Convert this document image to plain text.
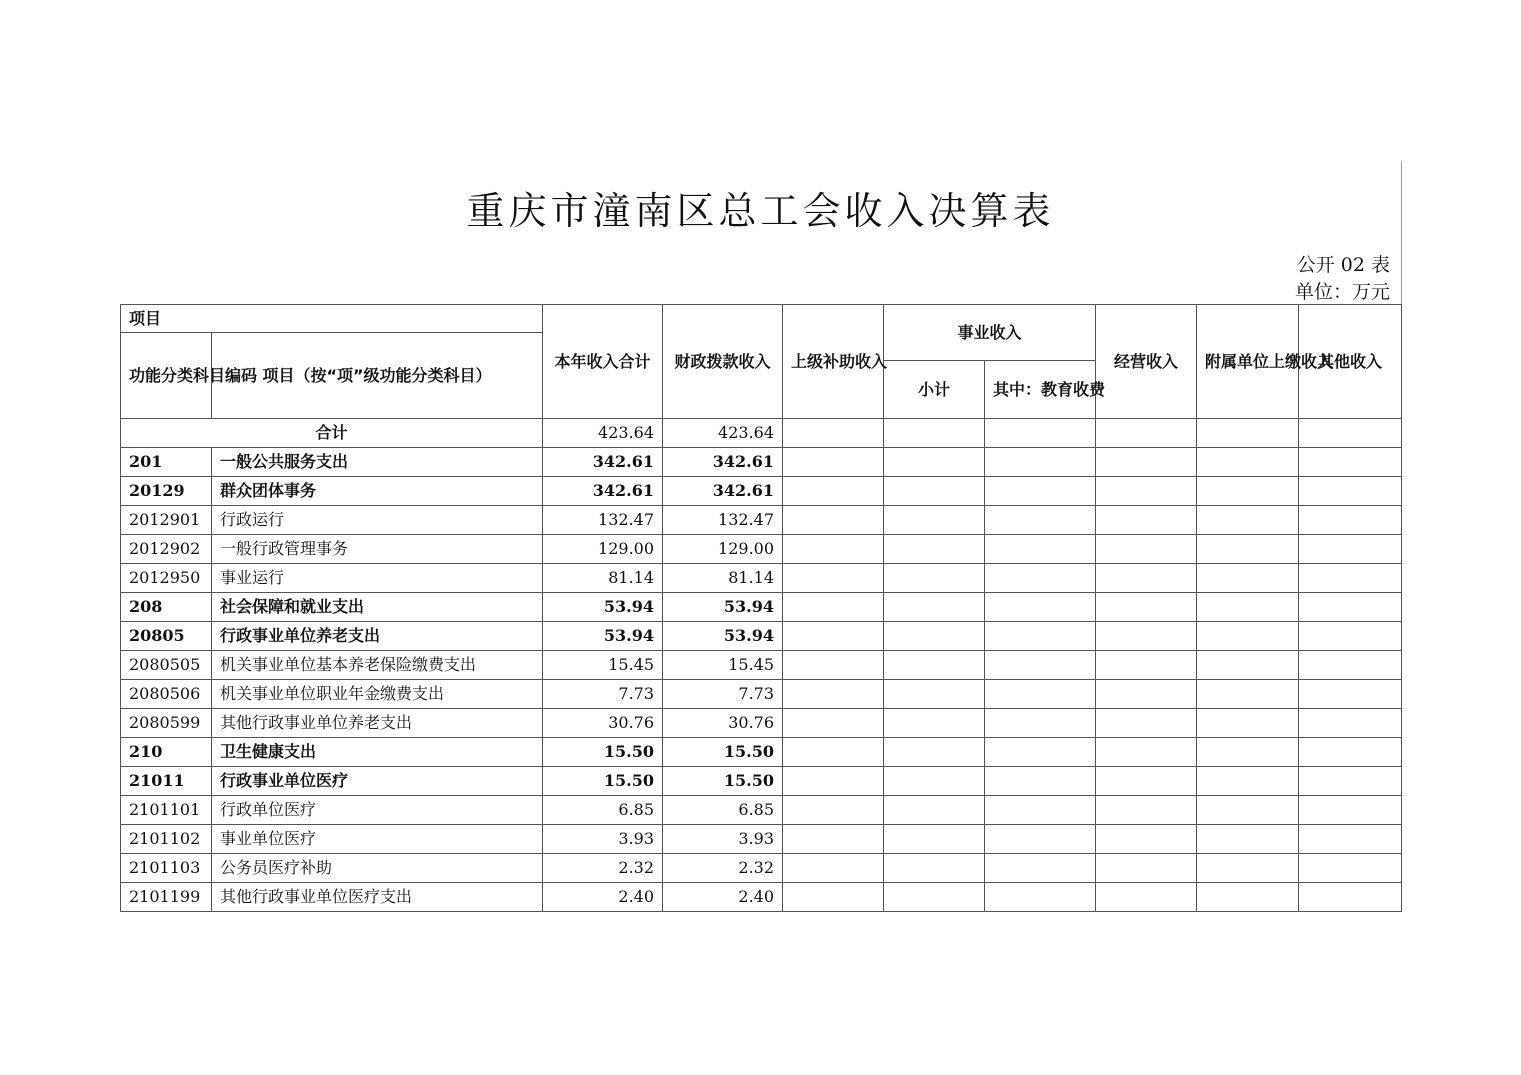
重庆市潼南区总工会收入决算表
公开 02 表
单位：万元
项目		本年收入合计	财政拨款收入	上级补助收入	事业收入		经营收入	附属单位上缴收入	其他收入
功能分类科目编码	项目（按“项”级功能分类科目）								
					小计	其中：教育收费			
合计		423.64	423.64						
201	一般公共服务支出	342.61	342.61						
20129	群众团体事务	342.61	342.61						
2012901	行政运行	132.47	132.47						
2012902	一般行政管理事务	129.00	129.00						
2012950	事业运行	81.14	81.14						
208	社会保障和就业支出	53.94	53.94						
20805	行政事业单位养老支出	53.94	53.94						
2080505	机关事业单位基本养老保险缴费支出	15.45	15.45						
2080506	机关事业单位职业年金缴费支出	7.73	7.73						
2080599	其他行政事业单位养老支出	30.76	30.76						
210	卫生健康支出	15.50	15.50						
21011	行政事业单位医疗	15.50	15.50						
2101101	行政单位医疗	6.85	6.85						
2101102	事业单位医疗	3.93	3.93						
2101103	公务员医疗补助	2.32	2.32						
2101199	其他行政事业单位医疗支出	2.40	2.40						
